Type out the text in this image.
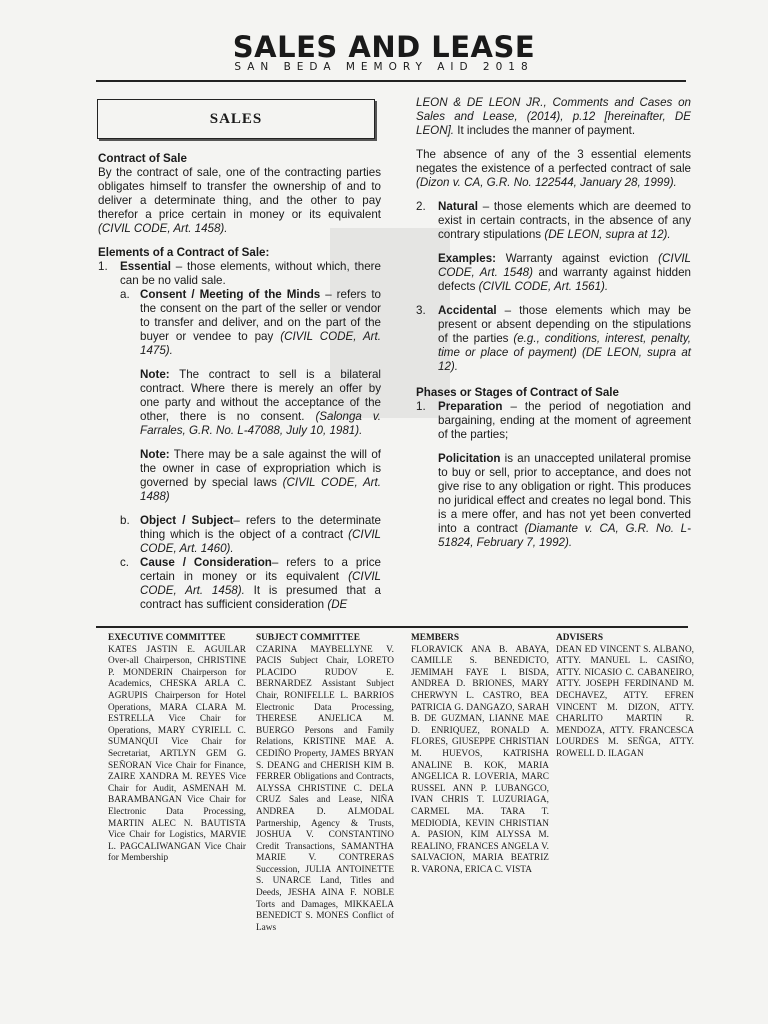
SALES AND LEASE
SAN BEDA MEMORY AID 2018
SALES

Contract of Sale

By the contract of sale, one of the contracting parties obligates himself to transfer the ownership of and to deliver a determinate thing, and the other to pay therefor a price certain in money or its equivalent (CIVIL CODE, Art. 1458).

Elements of a Contract of Sale:

1.	Essential – those elements, without which, there can be no valid sale.
a. Consent / Meeting of the Minds – refers to the consent on the part of the seller or vendor to transfer and deliver, and on the part of the buyer or vendee to pay (CIVIL CODE, Art. 1475).

Note: The contract to sell is a bilateral contract. Where there is merely an offer by one party and without the acceptance of the other, there is no consent. (Salonga v. Farrales, G.R. No. L-47088, July 10, 1981).

Note: There may be a sale against the will of the owner in case of expropriation which is governed by special laws (CIVIL CODE, Art. 1488)

b. Object / Subject– refers to the determinate thing which is the object of a contract (CIVIL CODE, Art. 1460).
c. Cause / Consideration– refers to a price certain in money or its equivalent (CIVIL CODE, Art. 1458). It is presumed that a contract has sufficient consideration (DE

LEON & DE LEON JR., Comments and Cases on Sales and Lease, (2014), p.12 [hereinafter, DE LEON]. It includes the manner of payment.

The absence of any of the 3 essential elements negates the existence of a perfected contract of sale (Dizon v. CA, G.R. No. 122544, January 28, 1999).

2.	Natural – those elements which are deemed to exist in certain contracts, in the absence of any contrary stipulations (DE LEON, supra at 12).

Examples: Warranty against eviction (CIVIL CODE, Art. 1548) and warranty against hidden defects (CIVIL CODE, Art. 1561).

3.	Accidental – those elements which may be present or absent depending on the stipulations of the parties (e.g., conditions, interest, penalty, time or place of payment) (DE LEON, supra at 12).

Phases or Stages of Contract of Sale

1.	Preparation – the period of negotiation and bargaining, ending at the moment of agreement of the parties;

Policitation is an unaccepted unilateral promise to buy or sell, prior to acceptance, and does not give rise to any obligation or right. This produces no juridical effect and creates no legal bond. This is a mere offer, and has not yet been converted into a contract (Diamante v. CA, G.R. No. L-51824, February 7, 1992).

EXECUTIVE COMMITTEE
KATES JASTIN E. AGUILAR Over-all Chairperson, CHRISTINE P. MONDERIN Chairperson for Academics, CHESKA ARLA C. AGRUPIS Chairperson for Hotel Operations, MARA CLARA M. ESTRELLA Vice Chair for Operations, MARY CYRIELL C. SUMANQUI Vice Chair for Secretariat, ARTLYN GEM G. SEÑORAN Vice Chair for Finance, ZAIRE XANDRA M. REYES Vice Chair for Audit, ASMENAH M. BARAMBANGAN Vice Chair for Electronic Data Processing, MARTIN ALEC N. BAUTISTA Vice Chair for Logistics, MARVIE L. PAGCALIWANGAN Vice Chair for Membership
SUBJECT COMMITTEE
CZARINA MAYBELLYNE V. PACIS Subject Chair, LORETO PLACIDO RUDOV E. BERNARDEZ Assistant Subject Chair, RONIFELLE L. BARRIOS Electronic Data Processing, THERESE ANJELICA M. BUERGO Persons and Family Relations, KRISTINE MAE A. CEDIÑO Property, JAMES BRYAN S. DEANG and CHERISH KIM B. FERRER Obligations and Contracts, ALYSSA CHRISTINE C. DELA CRUZ Sales and Lease, NIÑA ANDREA D. ALMODAL Partnership, Agency & Trusts, JOSHUA V. CONSTANTINO Credit Transactions, SAMANTHA MARIE V. CONTRERAS Succession, JULIA ANTOINETTE S. UNARCE Land, Titles and Deeds, JESHA AINA F. NOBLE Torts and Damages, MIKKAELA BENEDICT S. MONES Conflict of Laws
MEMBERS
FLORAVICK ANA B. ABAYA, CAMILLE S. BENEDICTO, JEMIMAH FAYE I. BISDA, ANDREA D. BRIONES, MARY CHERWYN L. CASTRO, BEA PATRICIA G. DANGAZO, SARAH B. DE GUZMAN, LIANNE MAE D. ENRIQUEZ, RONALD A. FLORES, GIUSEPPE CHRISTIAN M. HUEVOS, KATRISHA ANALINE B. KOK, MARIA ANGELICA R. LOVERIA, MARC RUSSEL ANN P. LUBANGCO, IVAN CHRIS T. LUZURIAGA, CARMEL MA. TARA T. MEDIODIA, KEVIN CHRISTIAN A. PASION, KIM ALYSSA M. REALINO, FRANCES ANGELA V. SALVACION, MARIA BEATRIZ R. VARONA, ERICA C. VISTA
ADVISERS
DEAN ED VINCENT S. ALBANO, ATTY. MANUEL L. CASIÑO, ATTY. NICASIO C. CABANEIRO, ATTY. JOSEPH FERDINAND M. DECHAVEZ, ATTY. EFREN VINCENT M. DIZON, ATTY. CHARLITO MARTIN R. MENDOZA, ATTY. FRANCESCA LOURDES M. SEÑGA, ATTY. ROWELL D. ILAGAN
